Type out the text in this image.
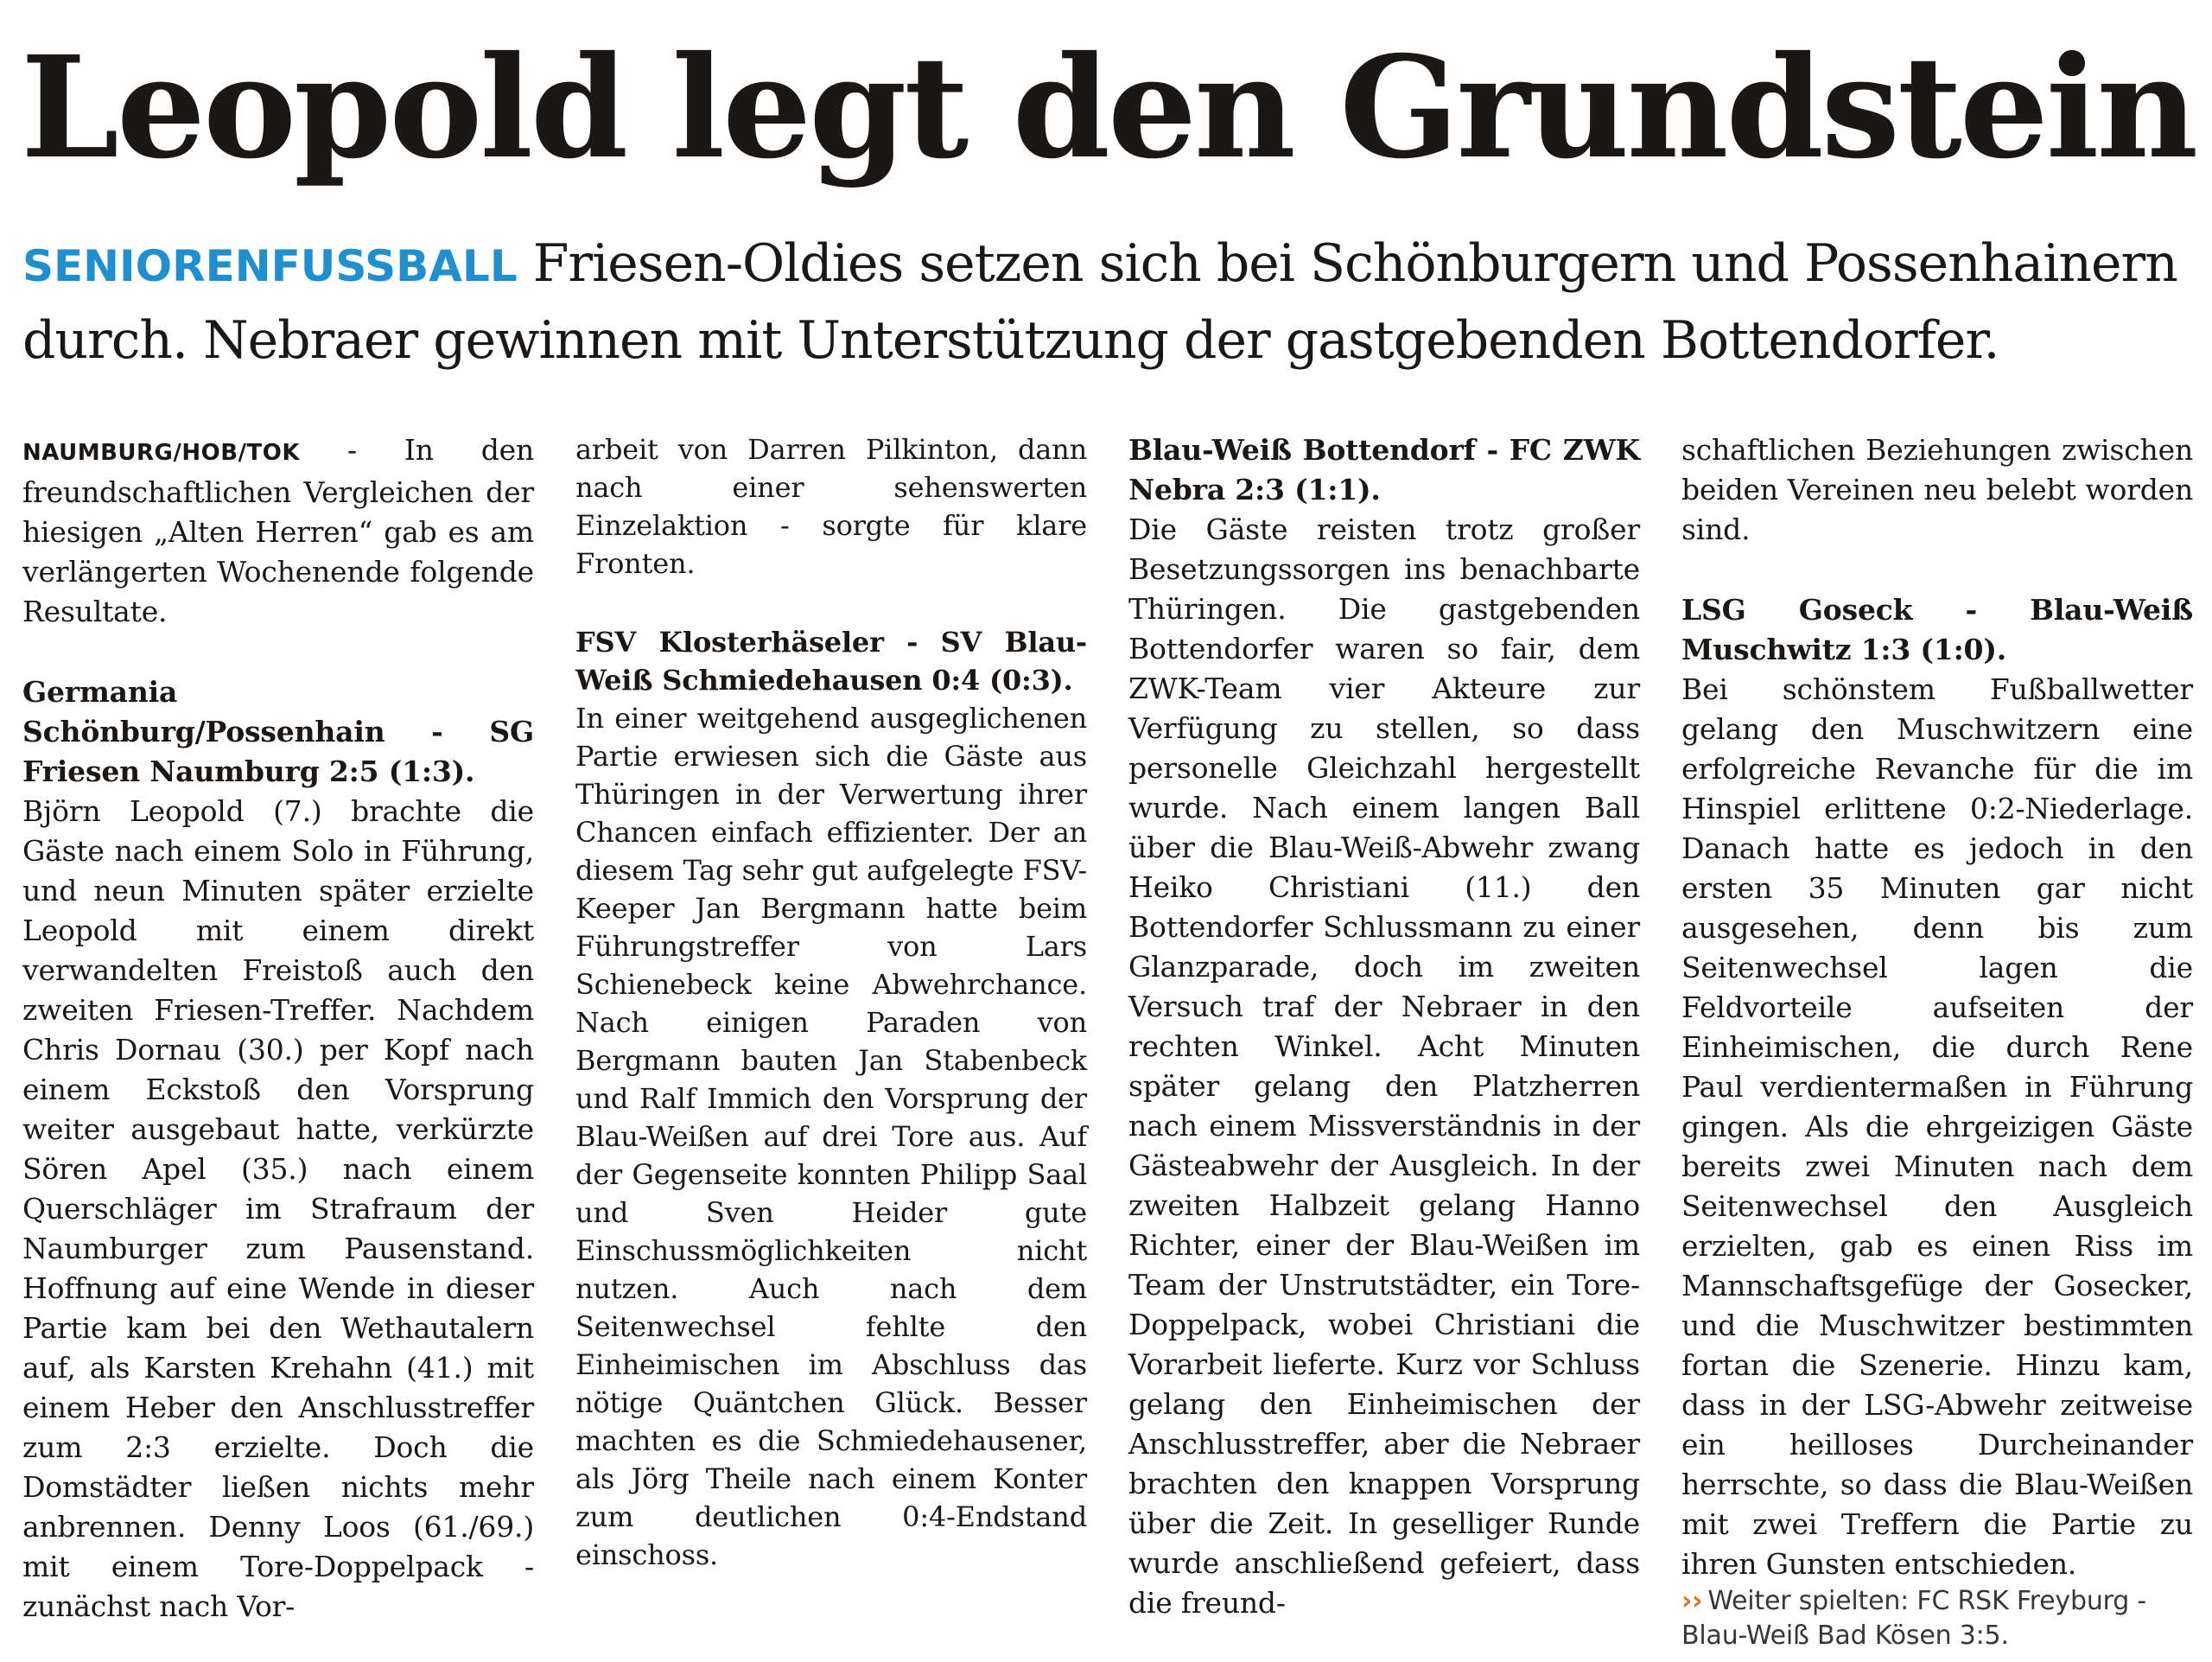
Leopold legt den Grundstein

SENIORENFUSSBALL Friesen-Oldies setzen sich bei Schönburgern und Possenhainern durch. Nebraer gewinnen mit Unterstützung der gastgebenden Bottendorfer.

NAUMBURG/HOB/TOK - In den freundschaftlichen Vergleichen der hiesigen „Alten Herren“ gab es am verlängerten Wochenende folgende Resultate.

Germania Schönburg/Possenhain - SG Friesen Naumburg 2:5 (1:3).

Björn Leopold (7.) brachte die Gäste nach einem Solo in Führung, und neun Minuten später erzielte Leopold mit einem direkt verwandelten Freistoß auch den zweiten Friesen-Treffer. Nachdem Chris Dornau (30.) per Kopf nach einem Eckstoß den Vorsprung weiter ausgebaut hatte, verkürzte Sören Apel (35.) nach einem Querschläger im Strafraum der Naumburger zum Pausenstand. Hoffnung auf eine Wende in dieser Partie kam bei den Wethautalern auf, als Karsten Krehahn (41.) mit einem Heber den Anschlusstreffer zum 2:3 erzielte. Doch die Domstädter ließen nichts mehr anbrennen. Denny Loos (61./69.) mit einem Tore-Doppelpack - zunächst nach Vor-

arbeit von Darren Pilkinton, dann nach einer sehenswerten Einzelaktion - sorgte für klare Fronten.

FSV Klosterhäseler - SV Blau-Weiß Schmiedehausen 0:4 (0:3).

In einer weitgehend ausgeglichenen Partie erwiesen sich die Gäste aus Thüringen in der Verwertung ihrer Chancen einfach effizienter. Der an diesem Tag sehr gut aufgelegte FSV-Keeper Jan Bergmann hatte beim Führungstreffer von Lars Schienebeck keine Abwehrchance. Nach einigen Paraden von Bergmann bauten Jan Stabenbeck und Ralf Immich den Vorsprung der Blau-Weißen auf drei Tore aus. Auf der Gegenseite konnten Philipp Saal und Sven Heider gute Einschussmöglichkeiten nicht nutzen. Auch nach dem Seitenwechsel fehlte den Einheimischen im Abschluss das nötige Quäntchen Glück. Besser machten es die Schmiedehausener, als Jörg Theile nach einem Konter zum deutlichen 0:4-Endstand einschoss.

Blau-Weiß Bottendorf - FC ZWK Nebra 2:3 (1:1).

Die Gäste reisten trotz großer Besetzungssorgen ins benachbarte Thüringen. Die gastgebenden Bottendorfer waren so fair, dem ZWK-Team vier Akteure zur Verfügung zu stellen, so dass personelle Gleichzahl hergestellt wurde. Nach einem langen Ball über die Blau-Weiß-Abwehr zwang Heiko Christiani (11.) den Bottendorfer Schlussmann zu einer Glanzparade, doch im zweiten Versuch traf der Nebraer in den rechten Winkel. Acht Minuten später gelang den Platzherren nach einem Missverständnis in der Gästeabwehr der Ausgleich. In der zweiten Halbzeit gelang Hanno Richter, einer der Blau-Weißen im Team der Unstrutstädter, ein Tore-Doppelpack, wobei Christiani die Vorarbeit lieferte. Kurz vor Schluss gelang den Einheimischen der Anschlusstreffer, aber die Nebraer brachten den knappen Vorsprung über die Zeit. In geselliger Runde wurde anschließend gefeiert, dass die freund-

schaftlichen Beziehungen zwischen beiden Vereinen neu belebt worden sind.

LSG Goseck - Blau-Weiß Muschwitz 1:3 (1:0).

Bei schönstem Fußballwetter gelang den Muschwitzern eine erfolgreiche Revanche für die im Hinspiel erlittene 0:2-Niederlage. Danach hatte es jedoch in den ersten 35 Minuten gar nicht ausgesehen, denn bis zum Seitenwechsel lagen die Feldvorteile aufseiten der Einheimischen, die durch Rene Paul verdientermaßen in Führung gingen. Als die ehrgeizigen Gäste bereits zwei Minuten nach dem Seitenwechsel den Ausgleich erzielten, gab es einen Riss im Mannschaftsgefüge der Gosecker, und die Muschwitzer bestimmten fortan die Szenerie. Hinzu kam, dass in der LSG-Abwehr zeitweise ein heilloses Durcheinander herrschte, so dass die Blau-Weißen mit zwei Treffern die Partie zu ihren Gunsten entschieden.

›› Weiter spielten: FC RSK Freyburg - Blau-Weiß Bad Kösen 3:5.
